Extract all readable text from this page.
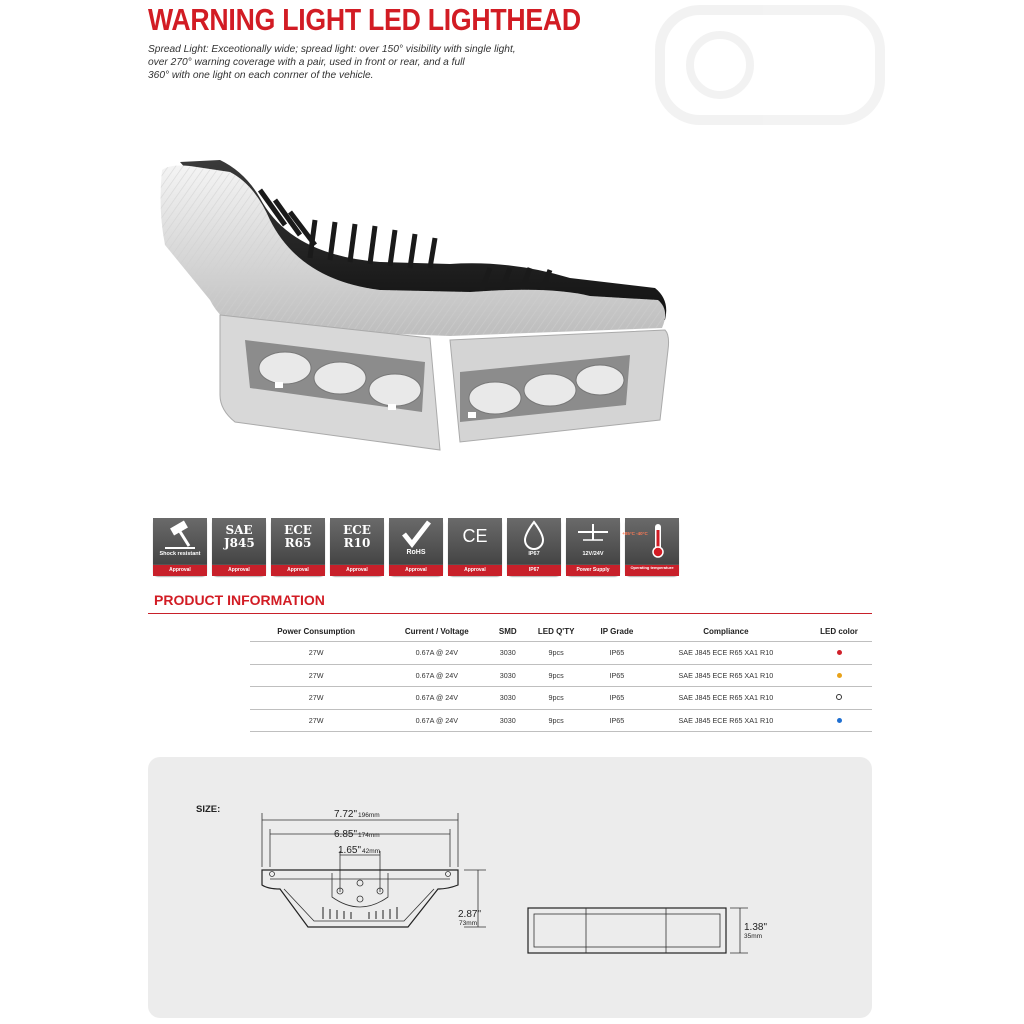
WARNING LIGHT LED LIGHTHEAD
Spread Light: Exceotionally wide; spread light: over 150° visibility with single light,
over 270° warning coverage with a pair, used in front or rear, and a full
360° with one light on each conrner of the vehicle.
Shock resistant
Approval
SAE J845
Approval
ECE R65
Approval
ECE R10
Approval
RoHS
Approval
CE
Approval
IP67
IP67
12V/24V
Power Supply
+85°C -40°C
Operating temperature
PRODUCT INFORMATION
Power Consumption	Current / Voltage	SMD	LED Q'TY	IP Grade	Compliance	LED color
27W	0.67A @ 24V	3030	9pcs	IP65	SAE J845 ECE R65 XA1 R10	
27W	0.67A @ 24V	3030	9pcs	IP65	SAE J845 ECE R65 XA1 R10	
27W	0.67A @ 24V	3030	9pcs	IP65	SAE J845 ECE R65 XA1 R10	
27W	0.67A @ 24V	3030	9pcs	IP65	SAE J845 ECE R65 XA1 R10	
SIZE:	7.72"196mm
6.85"174mm
1.65"42mm
2.87"
73mm	1.38"
35mm
